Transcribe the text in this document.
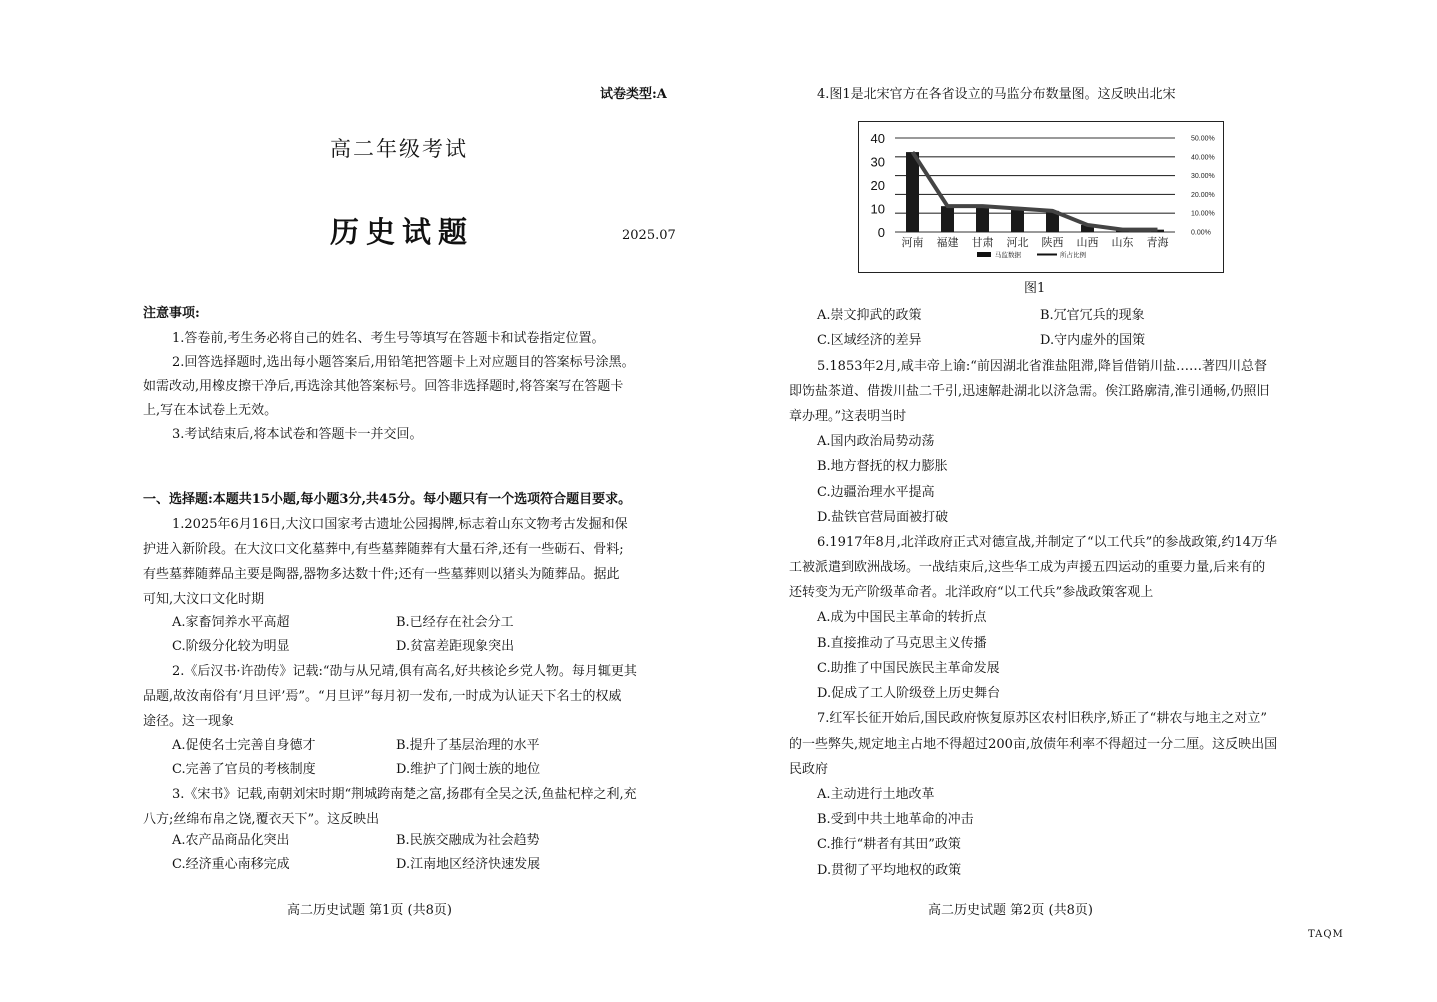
试卷类型:A
高二年级考试
历史试题	2025.07
注意事项:
1.答卷前,考生务必将自己的姓名、考生号等填写在答题卡和试卷指定位置。
2.回答选择题时,选出每小题答案后,用铅笔把答题卡上对应题目的答案标号涂黑。
如需改动,用橡皮擦干净后,再选涂其他答案标号。回答非选择题时,将答案写在答题卡
上,写在本试卷上无效。
3.考试结束后,将本试卷和答题卡一并交回。
一、选择题:本题共15小题,每小题3分,共45分。每小题只有一个选项符合题目要求。
1.2025年6月16日,大汶口国家考古遗址公园揭牌,标志着山东文物考古发掘和保
护进入新阶段。在大汶口文化墓葬中,有些墓葬随葬有大量石斧,还有一些砺石、骨料;
有些墓葬随葬品主要是陶器,器物多达数十件;还有一些墓葬则以猪头为随葬品。据此
可知,大汶口文化时期
A.家畜饲养水平高超	B.已经存在社会分工
C.阶级分化较为明显	D.贫富差距现象突出
2.《后汉书·许劭传》记载:“劭与从兄靖,俱有高名,好共核论乡党人物。每月辄更其
品题,故汝南俗有‘月旦评’焉”。“月旦评”每月初一发布,一时成为认证天下名士的权威
途径。这一现象
A.促使名士完善自身德才	B.提升了基层治理的水平
C.完善了官员的考核制度	D.维护了门阀士族的地位
3.《宋书》记载,南朝刘宋时期“荆城跨南楚之富,扬郡有全吴之沃,鱼盐杞梓之利,充
八方;丝绵布帛之饶,覆衣天下”。这反映出
A.农产品商品化突出	B.民族交融成为社会趋势
C.经济重心南移完成	D.江南地区经济快速发展
高二历史试题 第1页 (共8页)
4.图1是北宋官方在各省设立的马监分布数量图。这反映出北宋
0.00%
10.00%
20.00%
30.00%
40.00%
50.00%
0
10
20
30
40
河南 福建 甘肃 河北 陕西 山西 山东 青海
马监数据	所占比例
图1
A.崇文抑武的政策	B.冗官冗兵的现象
C.区域经济的差异	D.守内虚外的国策
5.1853年2月,咸丰帝上谕:“前因湖北省淮盐阻滞,降旨借销川盐……著四川总督
即饬盐茶道、借拨川盐二千引,迅速解赴湖北以济急需。俟江路廓清,淮引通畅,仍照旧
章办理。”这表明当时
A.国内政治局势动荡
B.地方督抚的权力膨胀
C.边疆治理水平提高
D.盐铁官营局面被打破
6.1917年8月,北洋政府正式对德宣战,并制定了“以工代兵”的参战政策,约14万华
工被派遣到欧洲战场。一战结束后,这些华工成为声援五四运动的重要力量,后来有的
还转变为无产阶级革命者。北洋政府“以工代兵”参战政策客观上
A.成为中国民主革命的转折点
B.直接推动了马克思主义传播
C.助推了中国民族民主革命发展
D.促成了工人阶级登上历史舞台
7.红军长征开始后,国民政府恢复原苏区农村旧秩序,矫正了“耕农与地主之对立”
的一些弊失,规定地主占地不得超过200亩,放债年利率不得超过一分二厘。这反映出国
民政府
A.主动进行土地改革
B.受到中共土地革命的冲击
C.推行“耕者有其田”政策
D.贯彻了平均地权的政策
高二历史试题 第2页 (共8页)
TAQM
